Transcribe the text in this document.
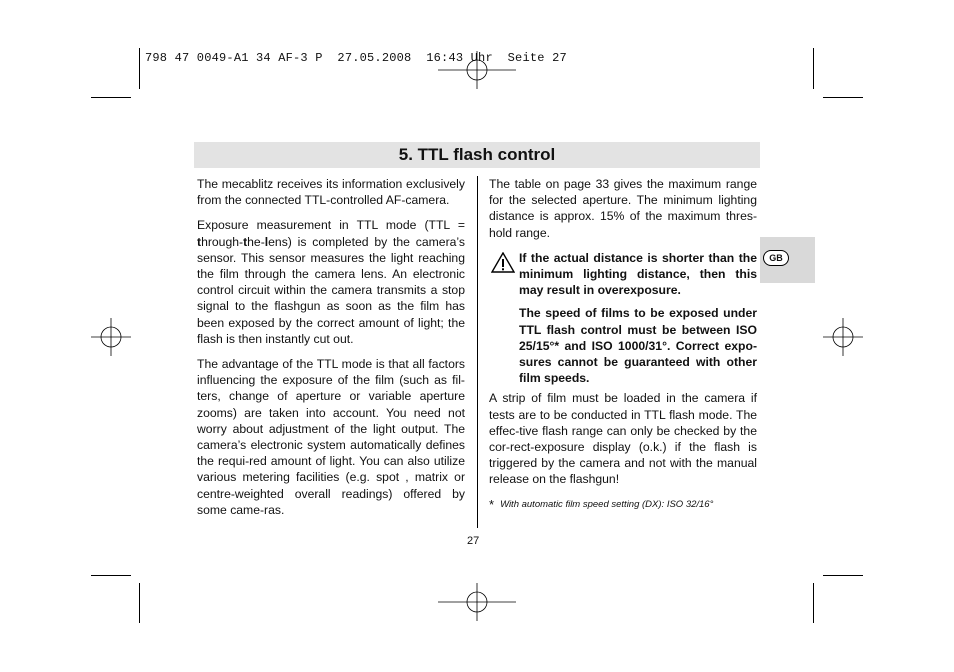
798 47 0049-A1 34 AF-3 P  27.05.2008  16:43 Uhr  Seite 27
5. TTL flash control

The mecablitz receives its information exclusively from the connected TTL-controlled AF-camera.

Exposure measurement in TTL mode (TTL = through-the-lens) is completed by the camera’s sensor. This sensor measures the light reaching the film through the camera lens. An electronic control circuit within the camera transmits a stop signal to the flashgun as soon as the film has been exposed by the correct amount of light; the flash is then instantly cut out.

The advantage of the TTL mode is that all factors influencing the exposure of the film (such as fil-ters, change of aperture or variable aperture zooms) are taken into account. You need not worry about adjustment of the light output. The camera’s electronic system automatically defines the requi-red amount of light. You can also utilize various metering facilities (e.g. spot , matrix or centre-weighted overall readings) offered by some came-ras.

The table on page 33 gives the maximum range for the selected aperture. The minimum lighting distance is approx. 15% of the maximum thres-hold range.

If the actual distance is shorter than the minimum lighting distance, then this may result in overexposure.

The speed of films to be exposed under TTL flash control must be between ISO 25/15°* and ISO 1000/31°. Correct expo-sures cannot be guaranteed with other film speeds.

A strip of film must be loaded in the camera if tests are to be conducted in TTL flash mode. The effec-tive flash range can only be checked by the cor-rect-exposure display (o.k.) if the flash is triggered by the camera and not with the manual release on the flashgun!

* With automatic film speed setting (DX): ISO 32/16°
GB
27
